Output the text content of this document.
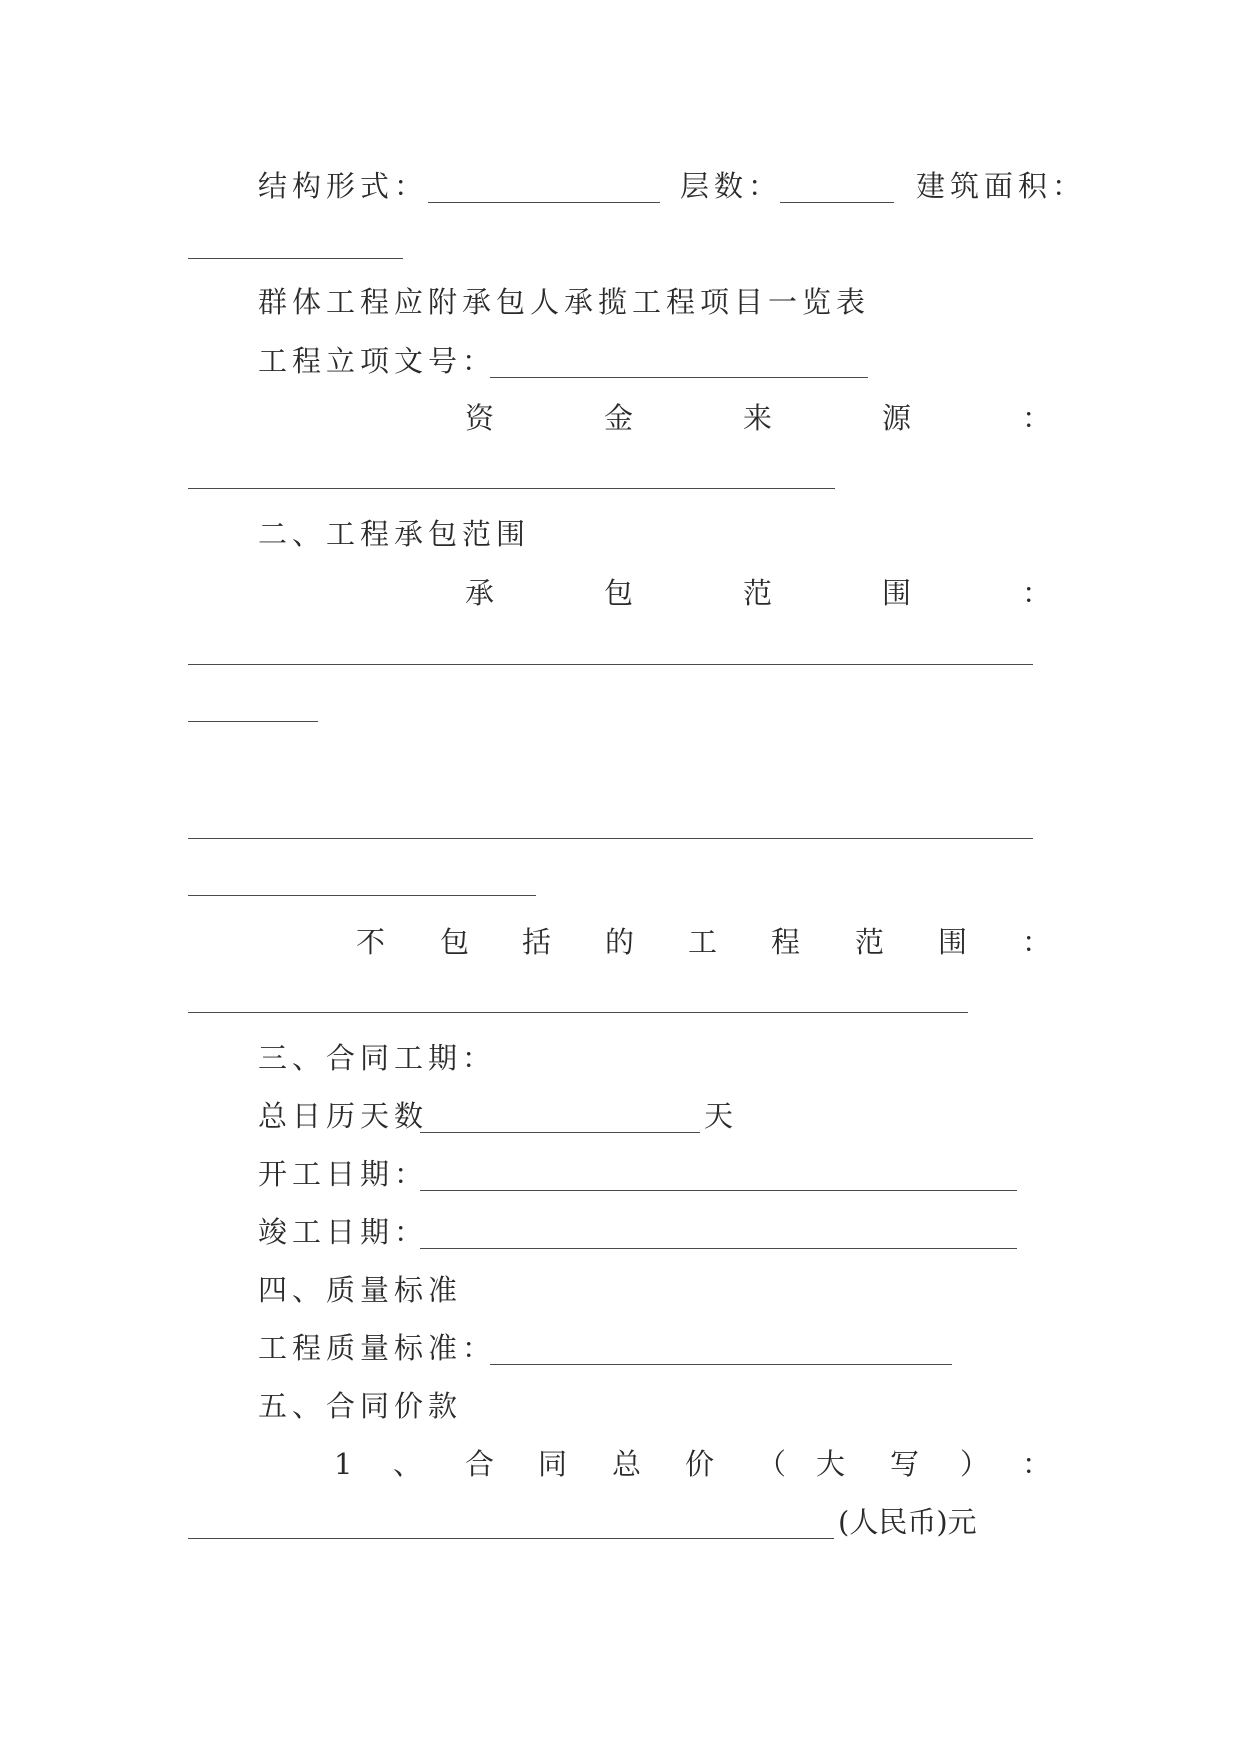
结构形式：	层数：	建筑面积：
群体工程应附承包人承揽工程项目一览表
工程立项文号：
资	金	来	源	：
二、工程承包范围
承	包	范	围	：
不 包 括 的 工 程 范 围 ：
三、合同工期：
总日历天数	天
开工日期：
竣工日期：
四、质量标准
工程质量标准：
五、合同价款
1 、 合 同 总 价 （ 大 写 ） ：
(人民币)元
